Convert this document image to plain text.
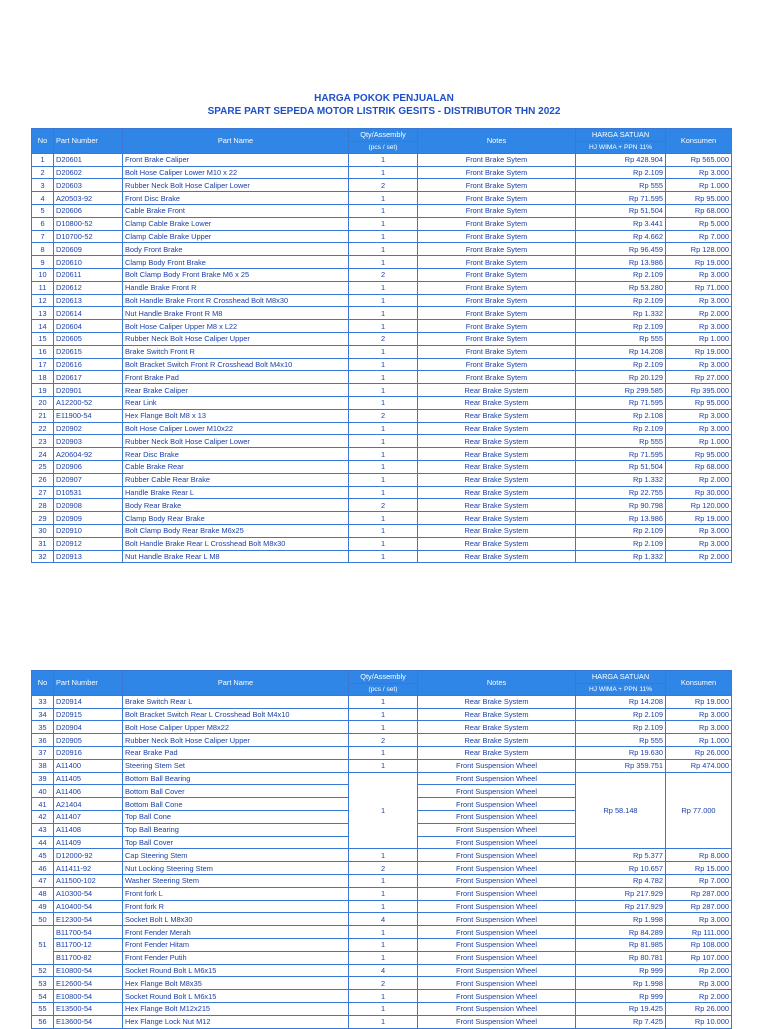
HARGA POKOK PENJUALAN
SPARE PART SEPEDA MOTOR LISTRIK GESITS - DISTRIBUTOR THN 2022
No	Part Number	Part Name	Qty/Assembly	Notes	HARGA SATUAN	Konsumen
			(pcs / set)		HJ WIMA + PPN 11%	
1	D20601	Front Brake Caliper	1	Front Brake Sytem	Rp 428.904	Rp 565.000
2	D20602	Bolt Hose Caliper Lower M10 x 22	1	Front Brake Sytem	Rp 2.109	Rp 3.000
3	D20603	Rubber Neck Bolt Hose Caliper Lower	2	Front Brake Sytem	Rp 555	Rp 1.000
4	A20503-92	Front Disc Brake	1	Front Brake Sytem	Rp 71.595	Rp 95.000
5	D20606	Cable Brake Front	1	Front Brake Sytem	Rp 51.504	Rp 68.000
6	D10800-52	Clamp Cable Brake Lower	1	Front Brake Sytem	Rp 3.441	Rp 5.000
7	D10700-52	Clamp Cable Brake Upper	1	Front Brake Sytem	Rp 4.662	Rp 7.000
8	D20609	Body Front Brake	1	Front Brake Sytem	Rp 96.459	Rp 128.000
9	D20610	Clamp Body Front Brake	1	Front Brake Sytem	Rp 13.986	Rp 19.000
10	D20611	Bolt Clamp Body Front Brake M6 x 25	2	Front Brake Sytem	Rp 2.109	Rp 3.000
11	D20612	Handle Brake Front R	1	Front Brake Sytem	Rp 53.280	Rp 71.000
12	D20613	Bolt Handle Brake Front R Crosshead Bolt M8x30	1	Front Brake Sytem	Rp 2.109	Rp 3.000
13	D20614	Nut Handle Brake Front R M8	1	Front Brake Sytem	Rp 1.332	Rp 2.000
14	D20604	Bolt Hose Caliper Upper M8 x L22	1	Front Brake Sytem	Rp 2.109	Rp 3.000
15	D20605	Rubber Neck Bolt Hose Caliper Upper	2	Front Brake Sytem	Rp 555	Rp 1.000
16	D20615	Brake Switch Front R	1	Front Brake Sytem	Rp 14.208	Rp 19.000
17	D20616	Bolt Bracket Switch Front R Crosshead Bolt M4x10	1	Front Brake Sytem	Rp 2.109	Rp 3.000
18	D20617	Front Brake Pad	1	Front Brake Sytem	Rp 20.129	Rp 27.000
19	D20901	Rear Brake Caliper	1	Rear Brake System	Rp 299.585	Rp 395.000
20	A12200-52	Rear Link	1	Rear Brake System	Rp 71.595	Rp 95.000
21	E11900-54	Hex Flange Bolt M8 x 13	2	Rear Brake System	Rp 2.108	Rp 3.000
22	D20902	Bolt Hose Caliper Lower M10x22	1	Rear Brake System	Rp 2.109	Rp 3.000
23	D20903	Rubber Neck Bolt Hose Caliper Lower	1	Rear Brake System	Rp 555	Rp 1.000
24	A20604-92	Rear Disc Brake	1	Rear Brake System	Rp 71.595	Rp 95.000
25	D20906	Cable Brake Rear	1	Rear Brake System	Rp 51.504	Rp 68.000
26	D20907	Rubber Cable Rear Brake	1	Rear Brake System	Rp 1.332	Rp 2.000
27	D10531	Handle Brake Rear L	1	Rear Brake System	Rp 22.755	Rp 30.000
28	D20908	Body Rear Brake	2	Rear Brake System	Rp 90.798	Rp 120.000
29	D20909	Clamp Body Rear Brake	1	Rear Brake System	Rp 13.986	Rp 19.000
30	D20910	Bolt Clamp Body Rear Brake M6x25	1	Rear Brake System	Rp 2.109	Rp 3.000
31	D20912	Bolt Handle Brake Rear L Crosshead Bolt M8x30	1	Rear Brake System	Rp 2.109	Rp 3.000
32	D20913	Nut Handle Brake Rear L M8	1	Rear Brake System	Rp 1.332	Rp 2.000
No	Part Number	Part Name	Qty/Assembly	Notes	HARGA SATUAN	Konsumen
			(pcs / set)		HJ WIMA + PPN 11%	
33	D20914	Brake Switch Rear L	1	Rear Brake System	Rp 14.208	Rp 19.000
34	D20915	Bolt Bracket Switch Rear L Crosshead Bolt M4x10	1	Rear Brake System	Rp 2.109	Rp 3.000
35	D20904	Bolt Hose Caliper Upper M8x22	1	Rear Brake System	Rp 2.109	Rp 3.000
36	D20905	Rubber Neck Bolt Hose Caliper Upper	2	Rear Brake System	Rp 555	Rp 1.000
37	D20916	Rear Brake Pad	1	Rear Brake System	Rp 19.630	Rp 26.000
38	A11400	Steering Stem Set	1	Front Suspension Wheel	Rp 359.751	Rp 474.000
39	A11405	Bottom Ball Bearing	1	Front Suspension Wheel	Rp 58.148	Rp 77.000
40	A11406	Bottom Ball Cover		Front Suspension Wheel		
41	A21404	Bottom Ball Cone		Front Suspension Wheel		
42	A11407	Top Ball Cone		Front Suspension Wheel		
43	A11408	Top Ball Bearing		Front Suspension Wheel		
44	A11409	Top Ball Cover		Front Suspension Wheel		
45	D12000-92	Cap Steering Stem	1	Front Suspension Wheel	Rp 5.377	Rp 8.000
46	A11411-92	Nut Locking Steering Stem	2	Front Suspension Wheel	Rp 10.657	Rp 15.000
47	A11500-102	Washer Steering Stem	1	Front Suspension Wheel	Rp 4.782	Rp 7.000
48	A10300-54	Front fork L	1	Front Suspension Wheel	Rp 217.929	Rp 287.000
49	A10400-54	Front fork R	1	Front Suspension Wheel	Rp 217.929	Rp 287.000
50	E12300-54	Socket Bolt L M8x30	4	Front Suspension Wheel	Rp 1.998	Rp 3.000
51	B11700-54	Front Fender Merah	1	Front Suspension Wheel	Rp 84.289	Rp 111.000
	B11700-12	Front Fender Hitam	1	Front Suspension Wheel	Rp 81.985	Rp 108.000
	B11700-82	Front Fender Putih	1	Front Suspension Wheel	Rp 80.781	Rp 107.000
52	E10800-54	Socket Round Bolt L M6x15	4	Front Suspension Wheel	Rp 999	Rp 2.000
53	E12600-54	Hex Flange Bolt M8x35	2	Front Suspension Wheel	Rp 1.998	Rp 3.000
54	E10800-54	Socket Round Bolt L M6x15	1	Front Suspension Wheel	Rp 999	Rp 2.000
55	E13500-54	Hex Flange Bolt M12x215	1	Front Suspension Wheel	Rp 19.425	Rp 26.000
56	E13600-54	Hex Flange Lock Nut M12	1	Front Suspension Wheel	Rp 7.425	Rp 10.000
